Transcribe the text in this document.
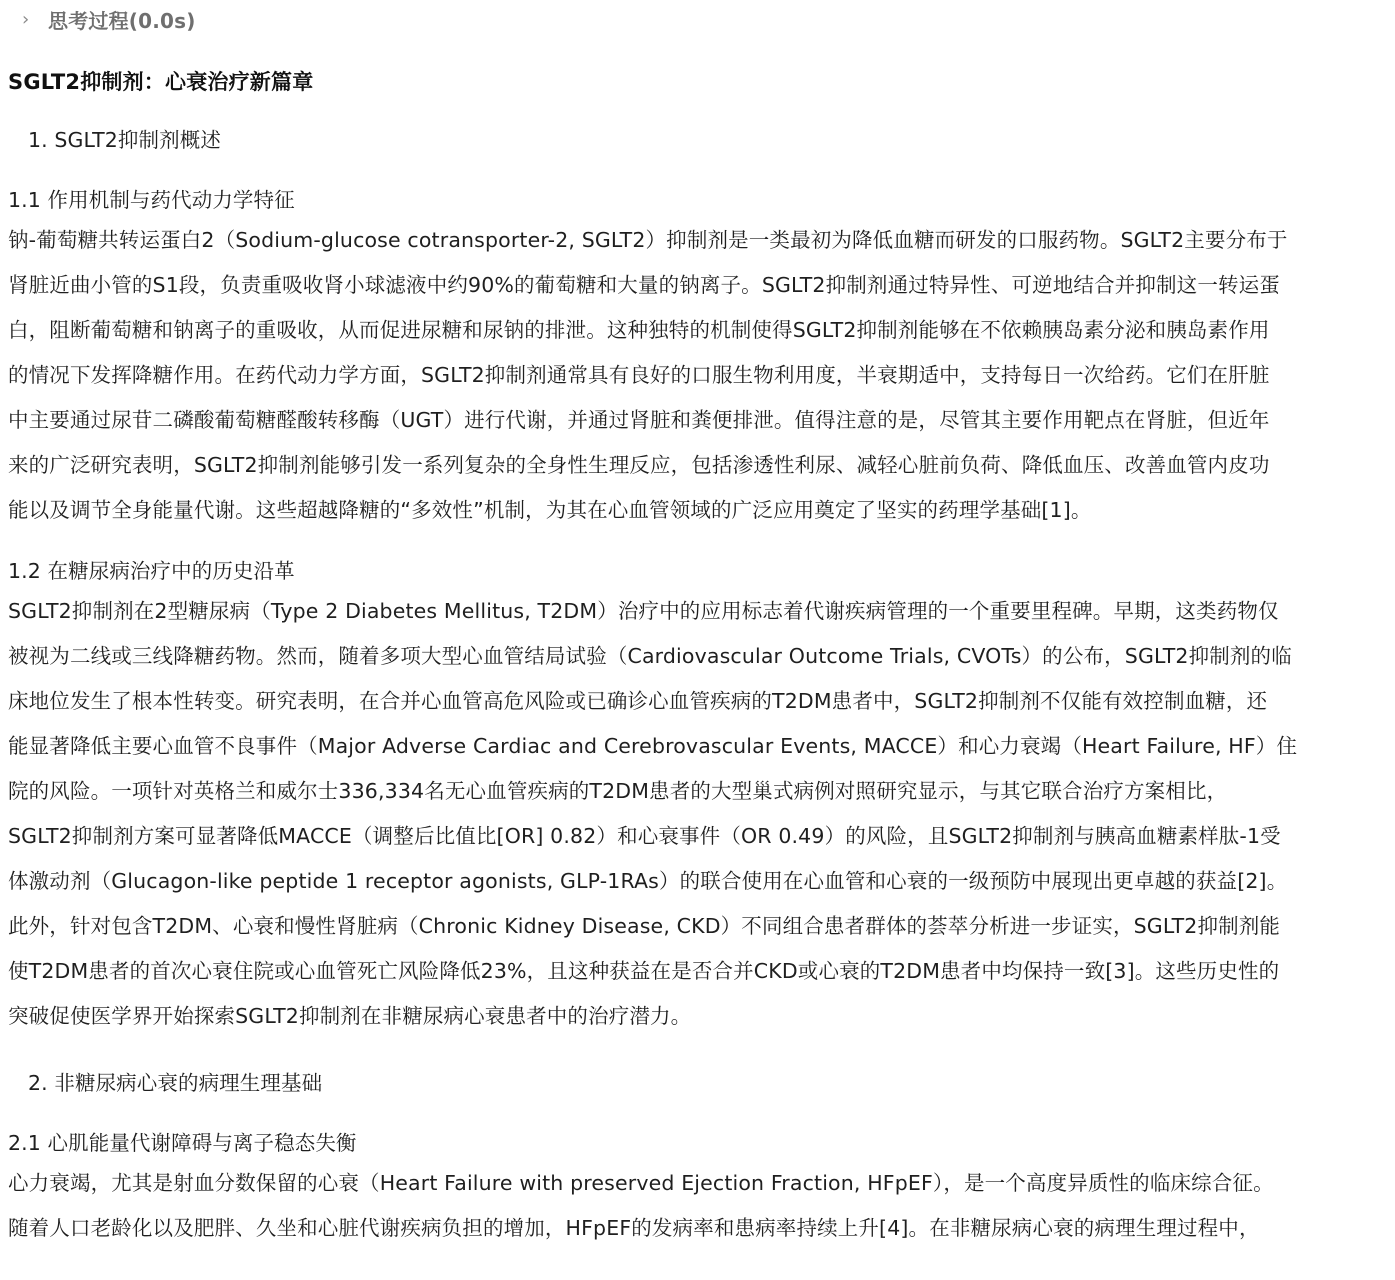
› 思考过程(0.0s)
SGLT2抑制剂：心衰治疗新篇章
1. SGLT2抑制剂概述
1.1 作用机制与药代动力学特征
钠-葡萄糖共转运蛋白2（Sodium-glucose cotransporter-2, SGLT2）抑制剂是一类最初为降低血糖而研发的口服药物。SGLT2主要分布于
肾脏近曲小管的S1段，负责重吸收肾小球滤液中约90%的葡萄糖和大量的钠离子。SGLT2抑制剂通过特异性、可逆地结合并抑制这一转运蛋
白，阻断葡萄糖和钠离子的重吸收，从而促进尿糖和尿钠的排泄。这种独特的机制使得SGLT2抑制剂能够在不依赖胰岛素分泌和胰岛素作用
的情况下发挥降糖作用。在药代动力学方面，SGLT2抑制剂通常具有良好的口服生物利用度，半衰期适中，支持每日一次给药。它们在肝脏
中主要通过尿苷二磷酸葡萄糖醛酸转移酶（UGT）进行代谢，并通过肾脏和粪便排泄。值得注意的是，尽管其主要作用靶点在肾脏，但近年
来的广泛研究表明，SGLT2抑制剂能够引发一系列复杂的全身性生理反应，包括渗透性利尿、减轻心脏前负荷、降低血压、改善血管内皮功
能以及调节全身能量代谢。这些超越降糖的“多效性”机制，为其在心血管领域的广泛应用奠定了坚实的药理学基础[1]。
1.2 在糖尿病治疗中的历史沿革
SGLT2抑制剂在2型糖尿病（Type 2 Diabetes Mellitus, T2DM）治疗中的应用标志着代谢疾病管理的一个重要里程碑。早期，这类药物仅
被视为二线或三线降糖药物。然而，随着多项大型心血管结局试验（Cardiovascular Outcome Trials, CVOTs）的公布，SGLT2抑制剂的临
床地位发生了根本性转变。研究表明，在合并心血管高危风险或已确诊心血管疾病的T2DM患者中，SGLT2抑制剂不仅能有效控制血糖，还
能显著降低主要心血管不良事件（Major Adverse Cardiac and Cerebrovascular Events, MACCE）和心力衰竭（Heart Failure, HF）住
院的风险。一项针对英格兰和威尔士336,334名无心血管疾病的T2DM患者的大型巢式病例对照研究显示，与其它联合治疗方案相比，
SGLT2抑制剂方案可显著降低MACCE（调整后比值比[OR] 0.82）和心衰事件（OR 0.49）的风险，且SGLT2抑制剂与胰高血糖素样肽-1受
体激动剂（Glucagon-like peptide 1 receptor agonists, GLP-1RAs）的联合使用在心血管和心衰的一级预防中展现出更卓越的获益[2]。
此外，针对包含T2DM、心衰和慢性肾脏病（Chronic Kidney Disease, CKD）不同组合患者群体的荟萃分析进一步证实，SGLT2抑制剂能
使T2DM患者的首次心衰住院或心血管死亡风险降低23%，且这种获益在是否合并CKD或心衰的T2DM患者中均保持一致[3]。这些历史性的
突破促使医学界开始探索SGLT2抑制剂在非糖尿病心衰患者中的治疗潜力。
2. 非糖尿病心衰的病理生理基础
2.1 心肌能量代谢障碍与离子稳态失衡
心力衰竭，尤其是射血分数保留的心衰（Heart Failure with preserved Ejection Fraction, HFpEF），是一个高度异质性的临床综合征。
随着人口老龄化以及肥胖、久坐和心脏代谢疾病负担的增加，HFpEF的发病率和患病率持续上升[4]。在非糖尿病心衰的病理生理过程中，
